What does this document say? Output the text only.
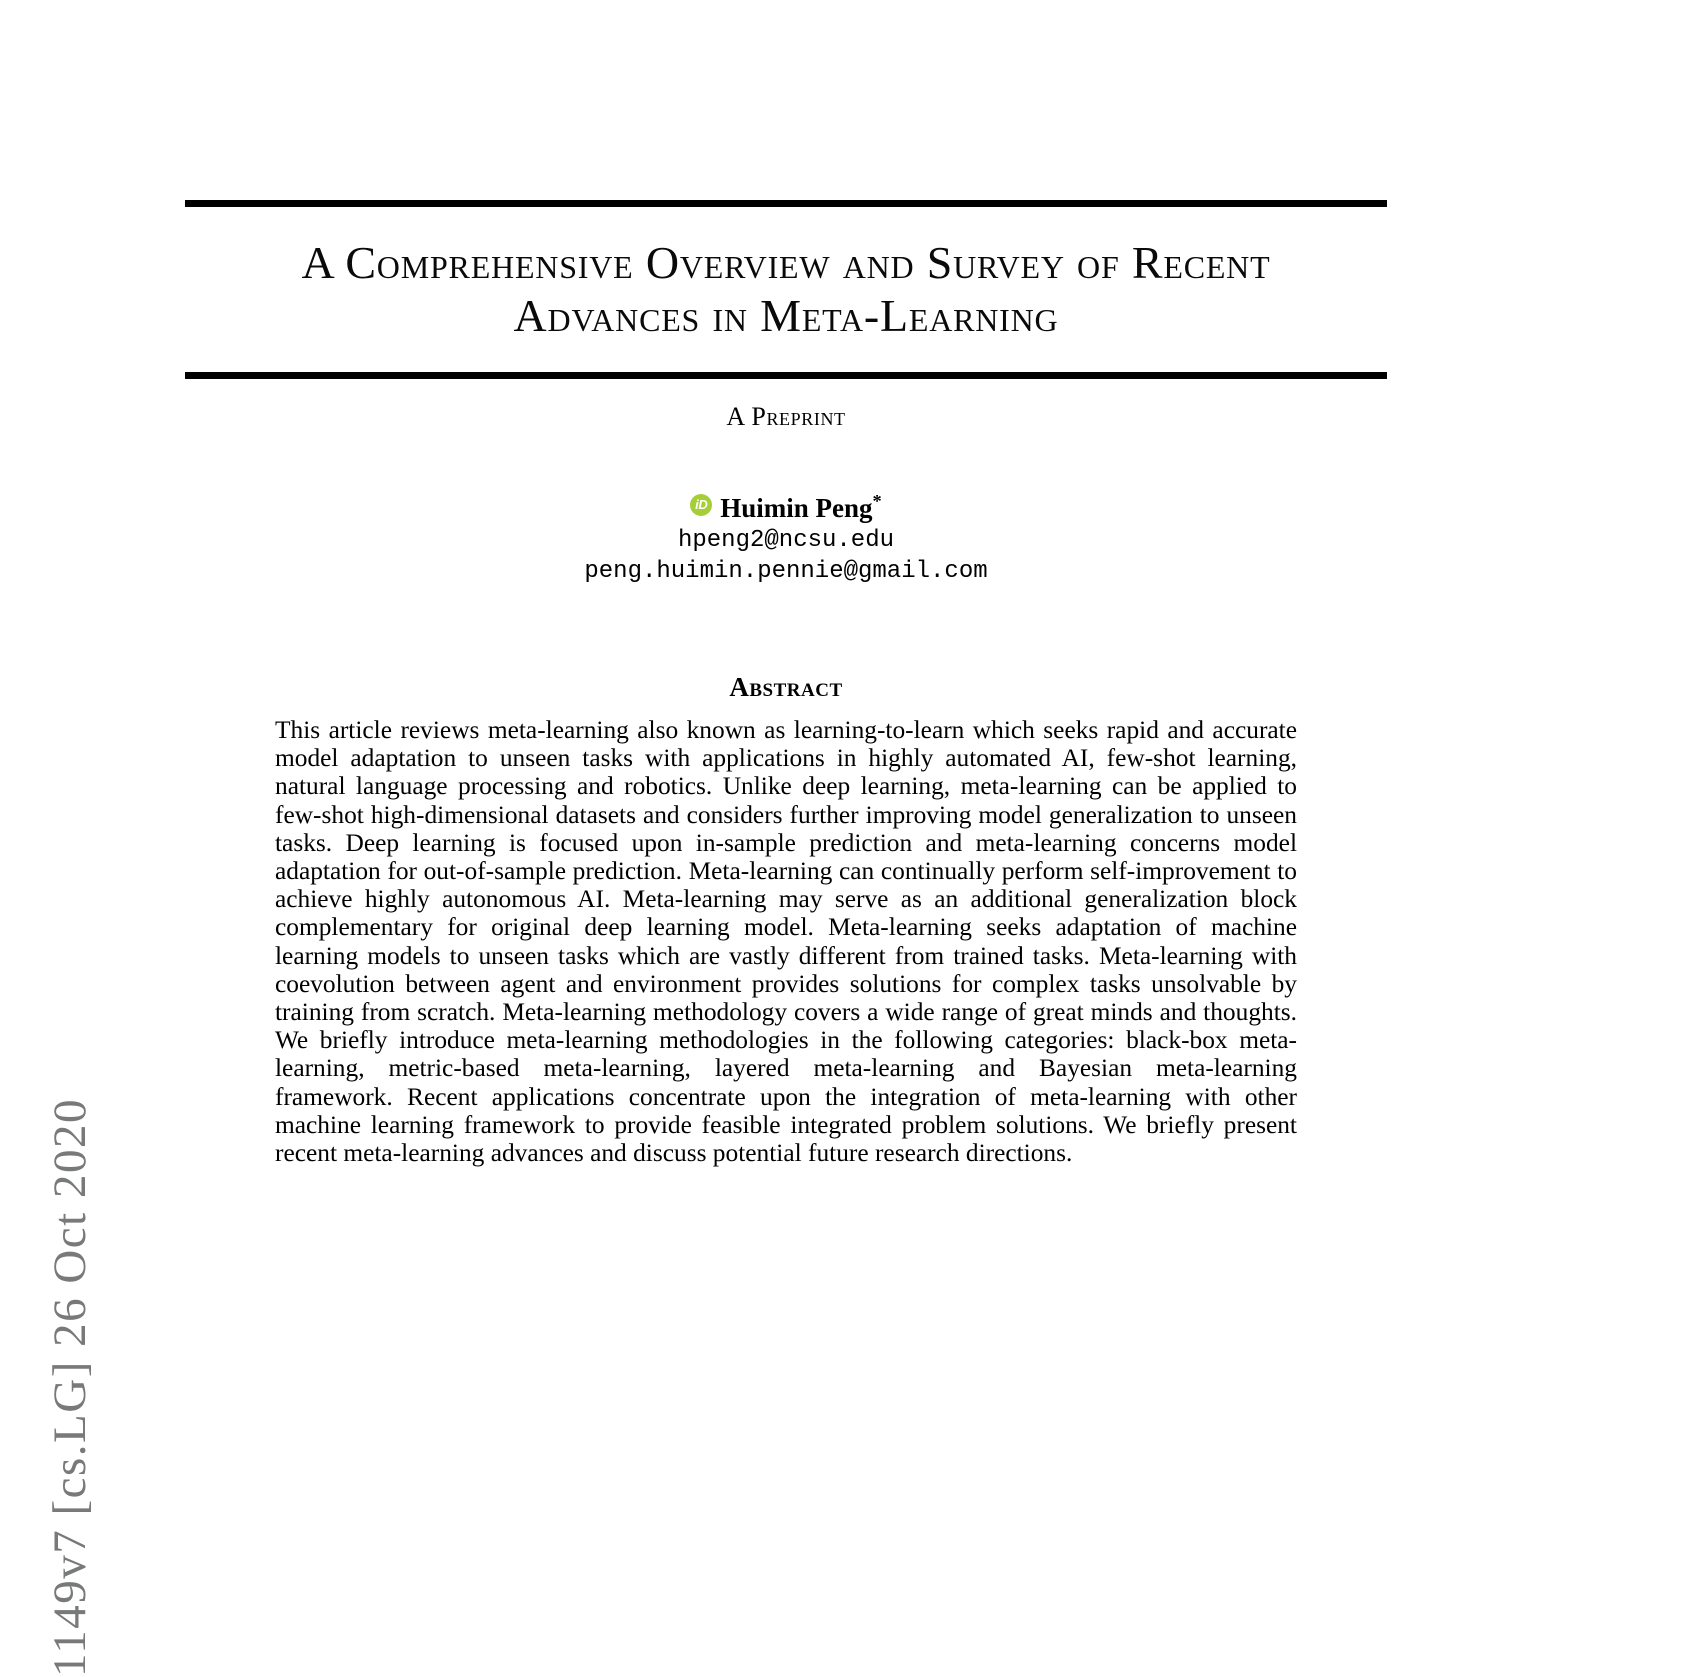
1149v7 [cs.LG] 26 Oct 2020
A Comprehensive Overview and Survey of Recent
Advances in Meta-Learning
A Preprint
iD Huimin Peng*
hpeng2@ncsu.edu
peng.huimin.pennie@gmail.com
Abstract
This article reviews meta-learning also known as learning-to-learn which seeks rapid and accurate model adaptation to unseen tasks with applications in highly automated AI, few-shot learning, natural language processing and robotics. Unlike deep learning, meta-learning can be applied to few-shot high-dimensional datasets and considers further improving model generalization to unseen tasks. Deep learning is focused upon in-sample prediction and meta-learning concerns model adaptation for out-of-sample prediction. Meta-learning can continually perform self-improvement to achieve highly autonomous AI. Meta-learning may serve as an additional generalization block complementary for original deep learning model. Meta-learning seeks adaptation of machine learning models to unseen tasks which are vastly different from trained tasks. Meta-learning with coevolution between agent and environment provides solutions for complex tasks unsolvable by training from scratch. Meta-learning methodology covers a wide range of great minds and thoughts. We briefly introduce meta-learning methodologies in the following categories: black-box meta-learning, metric-based meta-learning, layered meta-learning and Bayesian meta-learning framework. Recent applications concentrate upon the integration of meta-learning with other machine learning framework to provide feasible integrated problem solutions. We briefly present recent meta-learning advances and discuss potential future research directions.
